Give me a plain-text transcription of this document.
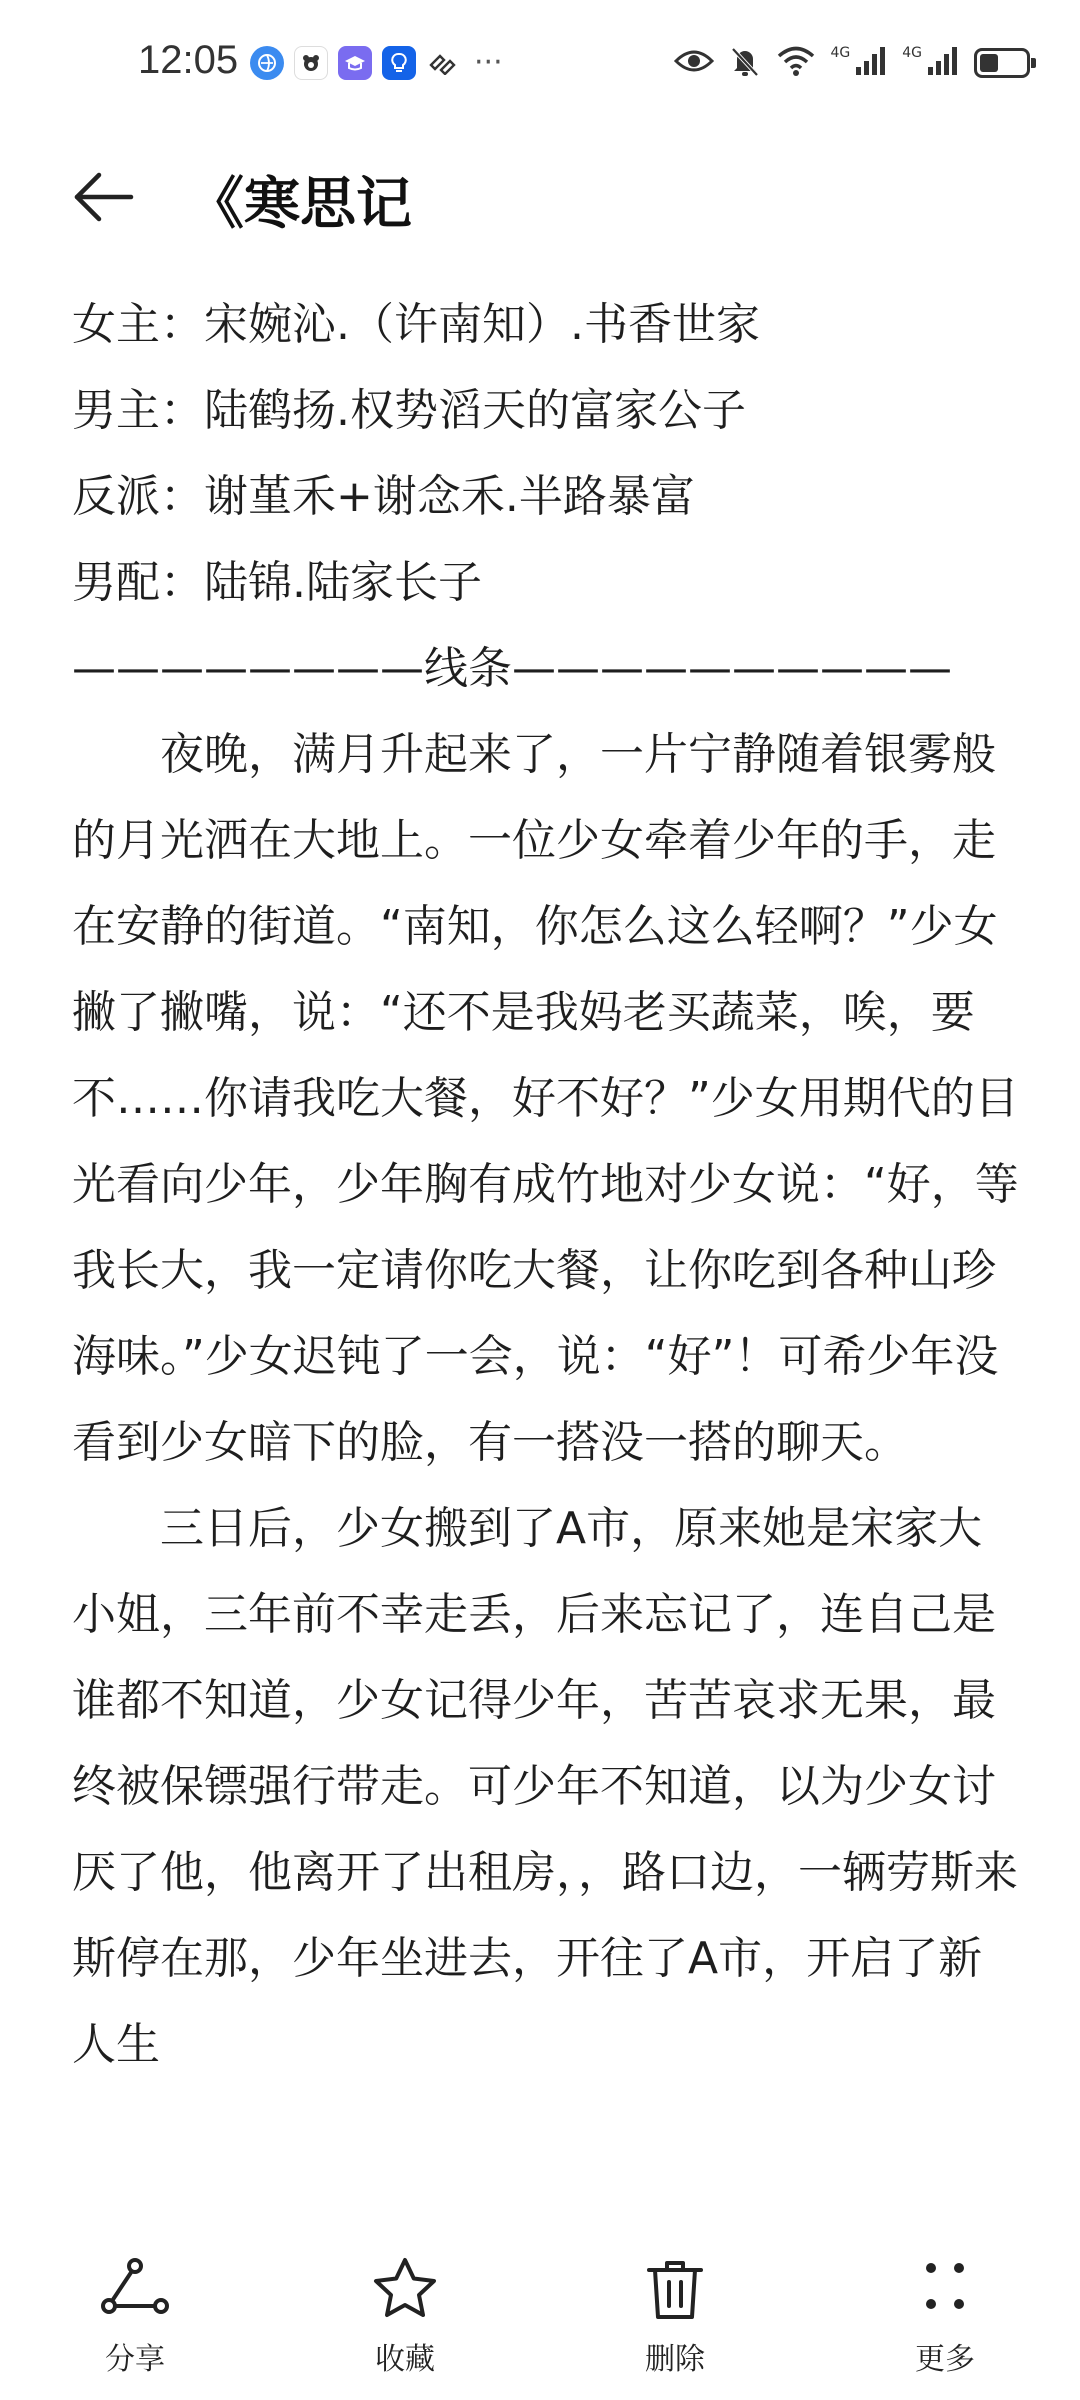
12:05	···	4G	4G
《寒思记
女主：宋婉沁.（许南知）.书香世家
男主：陆鹤扬.权势滔天的富家公子
反派：谢堇禾+谢念禾.半路暴富
男配：陆锦.陆家长子
————————线条——————————
夜晚，满月升起来了，一片宁静随着银雾般的月光洒在大地上。一位少女牵着少年的手，走在安静的街道。“南知，你怎么这么轻啊？”少女撇了撇嘴，说：“还不是我妈老买蔬菜，唉，要不……你请我吃大餐，好不好？”少女用期代的目光看向少年，少年胸有成竹地对少女说：“好，等我长大，我一定请你吃大餐，让你吃到各种山珍海味。”少女迟钝了一会，说：“好”！可希少年没看到少女暗下的脸，有一搭没一搭的聊天。
三日后，少女搬到了A市，原来她是宋家大小姐，三年前不幸走丢，后来忘记了，连自己是谁都不知道，少女记得少年，苦苦哀求无果，最终被保镖强行带走。可少年不知道，以为少女讨厌了他，他离开了出租房，，路口边，一辆劳斯来斯停在那，少年坐进去，开往了A市，开启了新人生
分享	收藏	删除	更多
